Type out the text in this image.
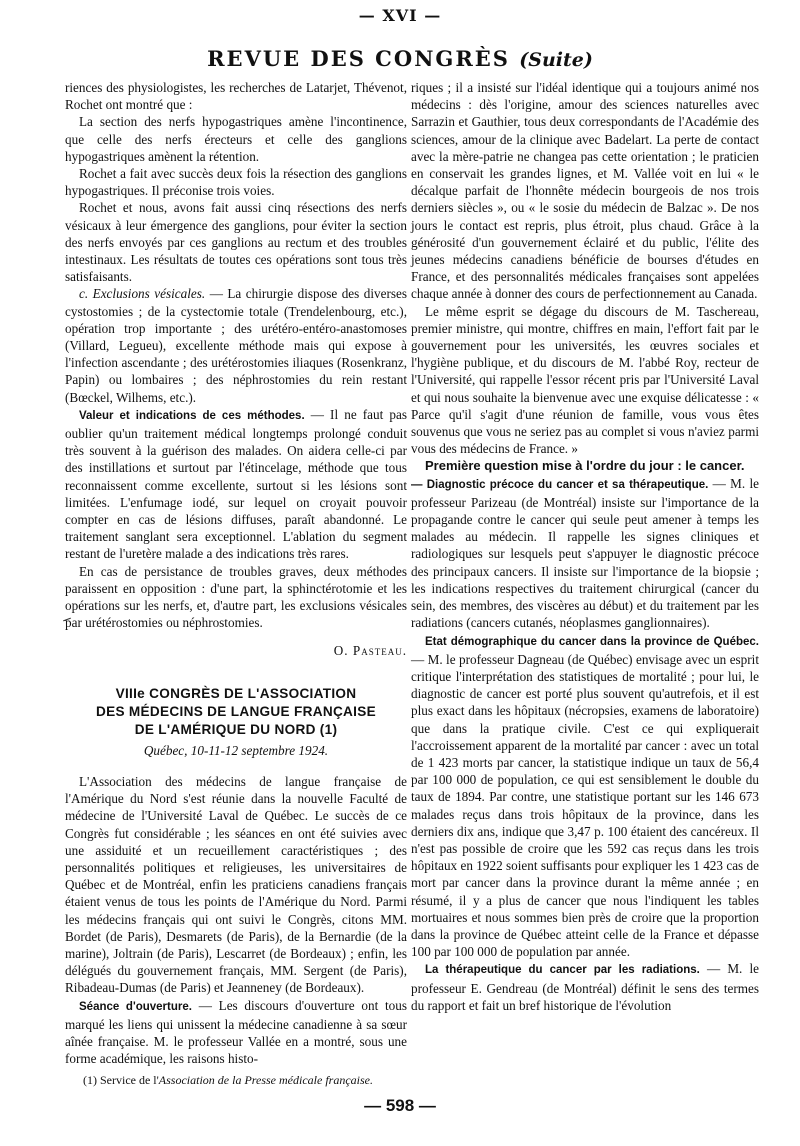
— XVI —
REVUE DES CONGRÈS (Suite)

riences des physiologistes, les recherches de Latarjet, Thévenot, Rochet ont montré que :

La section des nerfs hypogastriques amène l'incontinence, que celle des nerfs érecteurs et celle des ganglions hypogastriques amènent la rétention.

Rochet a fait avec succès deux fois la résection des ganglions hypogastriques. Il préconise trois voies.

Rochet et nous, avons fait aussi cinq résections des nerfs vésicaux à leur émergence des ganglions, pour éviter la section des nerfs envoyés par ces ganglions au rectum et des troubles intestinaux. Les résultats de toutes ces opérations sont tous très satisfaisants.

c. Exclusions vésicales. — La chirurgie dispose des diverses cystostomies ; de la cystectomie totale (Trendelenbourg, etc.), opération trop importante ; des urétéro-entéro-anastomoses (Villard, Legueu), excellente méthode mais qui expose à l'infection ascendante ; des urétérostomies iliaques (Rosenkranz, Papin) ou lombaires ; des néphrostomies du rein restant (Bœckel, Wilhems, etc.).

Valeur et indications de ces méthodes. — Il ne faut pas oublier qu'un traitement médical longtemps prolongé conduit très souvent à la guérison des malades. On aidera celle-ci par des instillations et surtout par l'étincelage, méthode que tous reconnaissent comme excellente, surtout si les lésions sont limitées. L'enfumage iodé, sur lequel on croyait pouvoir compter en cas de lésions diffuses, paraît abandonné. Le traitement sanglant sera exceptionnel. L'ablation du segment restant de l'uretère malade a des indications très rares.

En cas de persistance de troubles graves, deux méthodes paraissent en opposition : d'une part, la sphinctérotomie et les opérations sur les nerfs, et, d'autre part, les exclusions vésicales par urétérostomies ou néphrostomies.

O. Pasteau.
VIIIe CONGRÈS DE L'ASSOCIATION
DES MÉDECINS DE LANGUE FRANÇAISE
DE L'AMÉRIQUE DU NORD (1)
Québec, 10-11-12 septembre 1924.

L'Association des médecins de langue française de l'Amérique du Nord s'est réunie dans la nouvelle Faculté de médecine de l'Université Laval de Québec. Le succès de ce Congrès fut considérable ; les séances en ont été suivies avec une assiduité et un recueillement caractéristiques ; des personnalités politiques et religieuses, les universitaires de Québec et de Montréal, enfin les praticiens canadiens français étaient venus de tous les points de l'Amérique du Nord. Parmi les médecins français qui ont suivi le Congrès, citons MM. Bordet (de Paris), Desmarets (de Paris), de la Bernardie (de la marine), Joltrain (de Paris), Lescarret (de Bordeaux) ; enfin, les délégués du gouvernement français, MM. Sergent (de Paris), Ribadeau-Dumas (de Paris) et Jeanneney (de Bordeaux).

Séance d'ouverture. — Les discours d'ouverture ont tous marqué les liens qui unissent la médecine canadienne à sa sœur aînée française. M. le professeur Vallée en a montré, sous une forme académique, les raisons histo-

riques ; il a insisté sur l'idéal identique qui a toujours animé nos médecins : dès l'origine, amour des sciences naturelles avec Sarrazin et Gauthier, tous deux correspondants de l'Académie des sciences, amour de la clinique avec Badelart. La perte de contact avec la mère-patrie ne changea pas cette orientation ; le praticien en conservait les grandes lignes, et M. Vallée voit en lui « le décalque parfait de l'honnête médecin bourgeois de nos trois derniers siècles », ou « le sosie du médecin de Balzac ». De nos jours le contact est repris, plus étroit, plus chaud. Grâce à la générosité d'un gouvernement éclairé et du public, l'élite des jeunes médecins canadiens bénéficie de bourses d'études en France, et des personnalités médicales françaises sont appelées chaque année à donner des cours de perfectionnement au Canada.

Le même esprit se dégage du discours de M. Taschereau, premier ministre, qui montre, chiffres en main, l'effort fait par le gouvernement pour les universités, les œuvres sociales et l'hygiène publique, et du discours de M. l'abbé Roy, recteur de l'Université, qui rappelle l'essor récent pris par l'Université Laval et qui nous souhaite la bienvenue avec une exquise délicatesse : « Parce qu'il s'agit d'une réunion de famille, vous vous êtes souvenus que vous ne seriez pas au complet si vous n'aviez parmi vous des médecins de France. »

Première question mise à l'ordre du jour : le cancer.

— Diagnostic précoce du cancer et sa thérapeutique. — M. le professeur Parizeau (de Montréal) insiste sur l'importance de la propagande contre le cancer qui seule peut amener à temps les malades au médecin. Il rappelle les signes cliniques et radiologiques sur lesquels peut s'appuyer le diagnostic précoce des principaux cancers. Il insiste sur l'importance de la biopsie ; les indications respectives du traitement chirurgical (cancer du sein, des membres, des viscères au début) et du traitement par les radiations (cancers cutanés, néoplasmes ganglionnaires).

Etat démographique du cancer dans la province de Québec. — M. le professeur Dagneau (de Québec) envisage avec un esprit critique l'interprétation des statistiques de mortalité ; pour lui, le diagnostic de cancer est porté plus souvent qu'autrefois, et il est plus exact dans les hôpitaux (nécropsies, examens de laboratoire) que dans la pratique civile. C'est ce qui expliquerait l'accroissement apparent de la mortalité par cancer : avec un total de 1 423 morts par cancer, la statistique indique un taux de 56,4 par 100 000 de population, ce qui est sensiblement le double du taux de 1894. Par contre, une statistique portant sur les 146 673 malades reçus dans trois hôpitaux de la province, dans les derniers dix ans, indique que 3,47 p. 100 étaient des cancéreux. Il n'est pas possible de croire que les 592 cas reçus dans les trois hôpitaux en 1922 soient suffisants pour expliquer les 1 423 cas de mort par cancer dans la province durant la même année ; en résumé, il y a plus de cancer que nous l'indiquent les tables mortuaires et nous sommes bien près de croire que la proportion dans la province de Québec atteint celle de la France et dépasse 100 par 100 000 de population par année.

La thérapeutique du cancer par les radiations. — M. le professeur E. Gendreau (de Montréal) définit le sens des termes du rapport et fait un bref historique de l'évolution

(1) Service de l'Association de la Presse médicale française.
— 598 —
